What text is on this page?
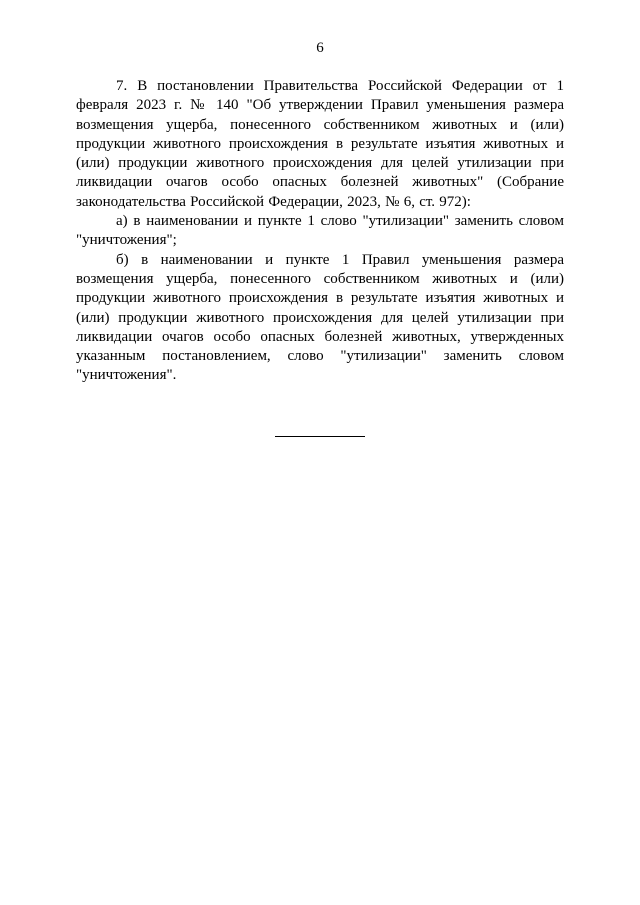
6

7. В постановлении Правительства Российской Федерации от 1 февраля 2023 г. № 140 "Об утверждении Правил уменьшения размера возмещения ущерба, понесенного собственником животных и (или) продукции животного происхождения в результате изъятия животных и (или) продукции животного происхождения для целей утилизации при ликвидации очагов особо опасных болезней животных" (Собрание законодательства Российской Федерации, 2023, № 6, ст. 972):

а) в наименовании и пункте 1 слово "утилизации" заменить словом "уничтожения";

б) в наименовании и пункте 1 Правил уменьшения размера возмещения ущерба, понесенного собственником животных и (или) продукции животного происхождения в результате изъятия животных и (или) продукции животного происхождения для целей утилизации при ликвидации очагов особо опасных болезней животных, утвержденных указанным постановлением, слово "утилизации" заменить словом "уничтожения".
